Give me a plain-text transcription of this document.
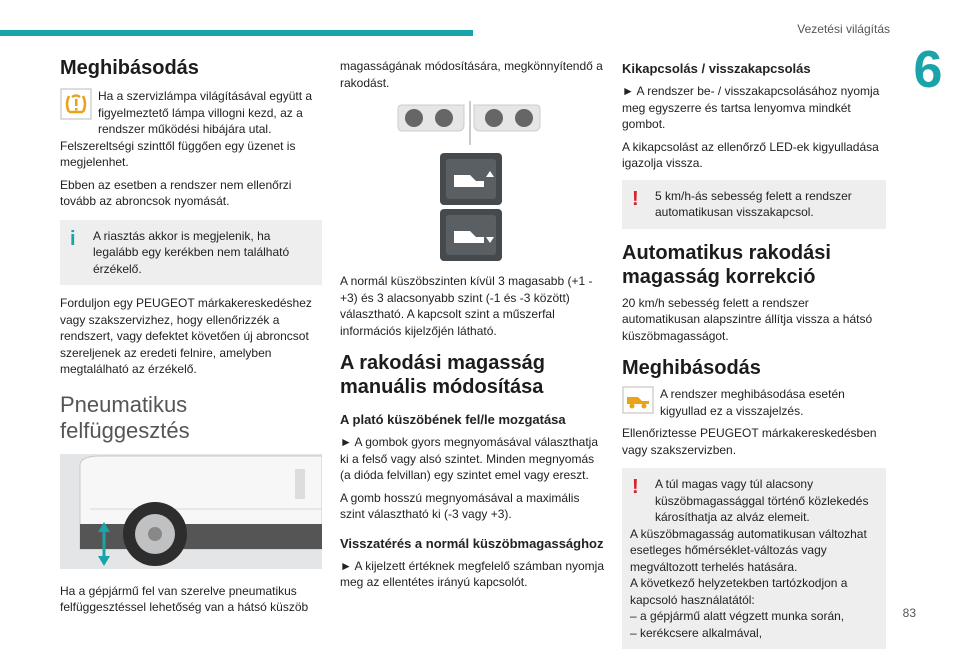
Vezetési világítás
6
Meghibásodás

Ha a szervizlámpa világításával együtt a figyelmeztető lámpa villogni kezd, az a rendszer működési hibájára utal. Felszereltségi szinttől függően egy üzenet is megjelenhet.

Ebben az esetben a rendszer nem ellenőrzi tovább az abroncsok nyomását.

i	A riasztás akkor is megjelenik, ha legalább egy kerékben nem található érzékelő.

Forduljon egy PEUGEOT márkakereskedéshez vagy szakszervizhez, hogy ellenőrizzék a rendszert, vagy defektet követően új abroncsot szereljenek az eredeti felnire, amelyben megtalálható az érzékelő.

Pneumatikus felfüggesztés

Ha a gépjármű fel van szerelve pneumatikus felfüggesztéssel lehetőség van a hátsó küszöb

magasságának módosítására, megkönnyítendő a rakodást.

A normál küszöbszinten kívül 3 magasabb (+1 - +3) és 3 alacsonyabb szint (-1 és -3 között) választható. A kapcsolt szint a műszerfal információs kijelzőjén látható.

A rakodási magasság manuális módosítása
A plató küszöbének fel/le mozgatása

► A gombok gyors megnyomásával választhatja ki a felső vagy alsó szintet. Minden megnyomás (a dióda felvillan) egy szintet emel vagy ereszt.

A gomb hosszú megnyomásával a maximális szint választható ki (-3 vagy +3).

Visszatérés a normál küszöbmagassághoz

► A kijelzett értéknek megfelelő számban nyomja meg az ellentétes irányú kapcsolót.

Kikapcsolás / visszakapcsolás

► A rendszer be- / visszakapcsolásához nyomja meg egyszerre és tartsa lenyomva mindkét gombot.

A kikapcsolást az ellenőrző LED-ek kigyulladása igazolja vissza.

!	5 km/h-ás sebesség felett a rendszer automatikusan visszakapcsol.

Automatikus rakodási magasság korrekció

20 km/h sebesség felett a rendszer automatikusan alapszintre állítja vissza a hátsó küszöbmagasságot.

Meghibásodás

A rendszer meghibásodása esetén kigyullad ez a visszajelzés.

Ellenőriztesse PEUGEOT márkakereskedésben vagy szakszervizben.

!	A túl magas vagy túl alacsony küszöbmagassággal történő közlekedés károsíthatja az alváz elemeit.

A küszöbmagasság automatikusan változhat esetleges hőmérséklet-változás vagy megváltozott terhelés hatására.

A következő helyzetekben tartózkodjon a kapcsoló használatától:

– a gépjármű alatt végzett munka során,

– kerékcsere alkalmával,

83
